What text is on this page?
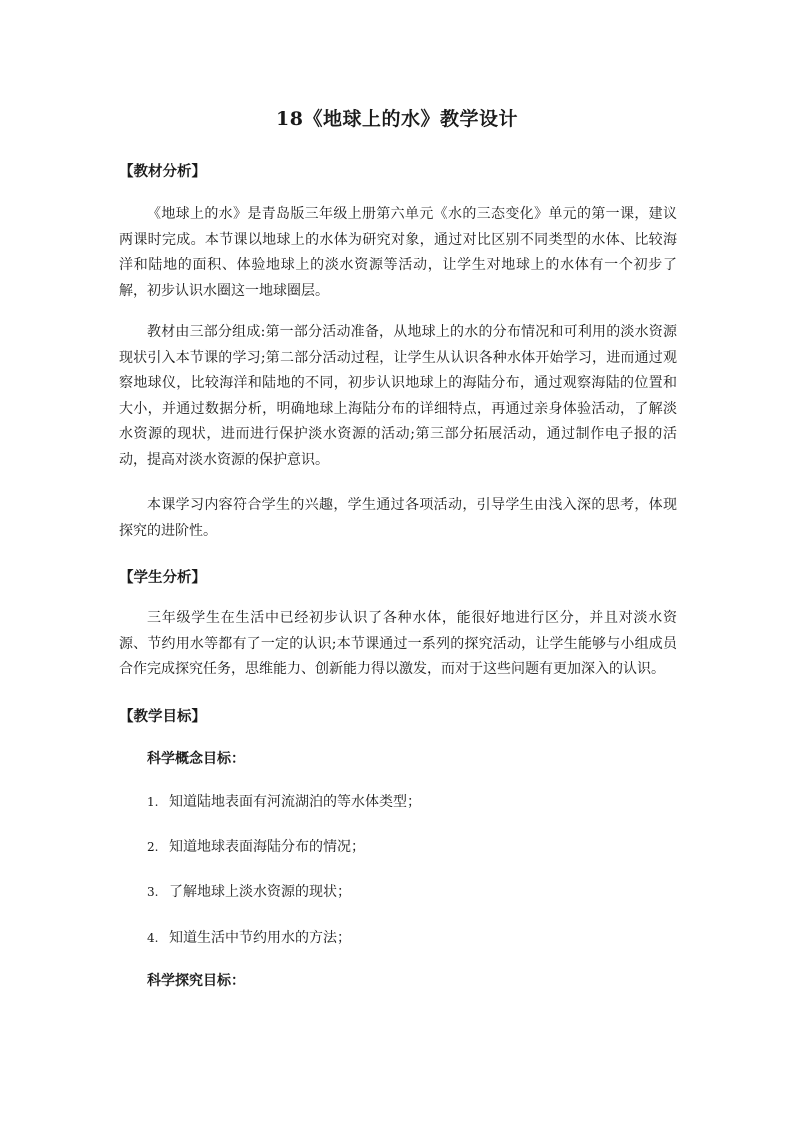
18《地球上的水》教学设计
【教材分析】

《地球上的水》是青岛版三年级上册第六单元《水的三态变化》单元的第一课，建议两课时完成。本节课以地球上的水体为研究对象，通过对比区别不同类型的水体、比较海洋和陆地的面积、体验地球上的淡水资源等活动，让学生对地球上的水体有一个初步了解，初步认识水圈这一地球圈层。

教材由三部分组成:第一部分活动准备，从地球上的水的分布情况和可利用的淡水资源现状引入本节课的学习;第二部分活动过程，让学生从认识各种水体开始学习，进而通过观察地球仪，比较海洋和陆地的不同，初步认识地球上的海陆分布，通过观察海陆的位置和大小，并通过数据分析，明确地球上海陆分布的详细特点，再通过亲身体验活动，了解淡水资源的现状，进而进行保护淡水资源的活动;第三部分拓展活动，通过制作电子报的活动，提高对淡水资源的保护意识。

本课学习内容符合学生的兴趣，学生通过各项活动，引导学生由浅入深的思考，体现探究的进阶性。

【学生分析】

三年级学生在生活中已经初步认识了各种水体，能很好地进行区分，并且对淡水资源、节约用水等都有了一定的认识;本节课通过一系列的探究活动，让学生能够与小组成员合作完成探究任务，思维能力、创新能力得以激发，而对于这些问题有更加深入的认识。

【教学目标】
科学概念目标：
1. 知道陆地表面有河流湖泊的等水体类型；
2. 知道地球表面海陆分布的情况；
3. 了解地球上淡水资源的现状；
4. 知道生活中节约用水的方法；
科学探究目标：
